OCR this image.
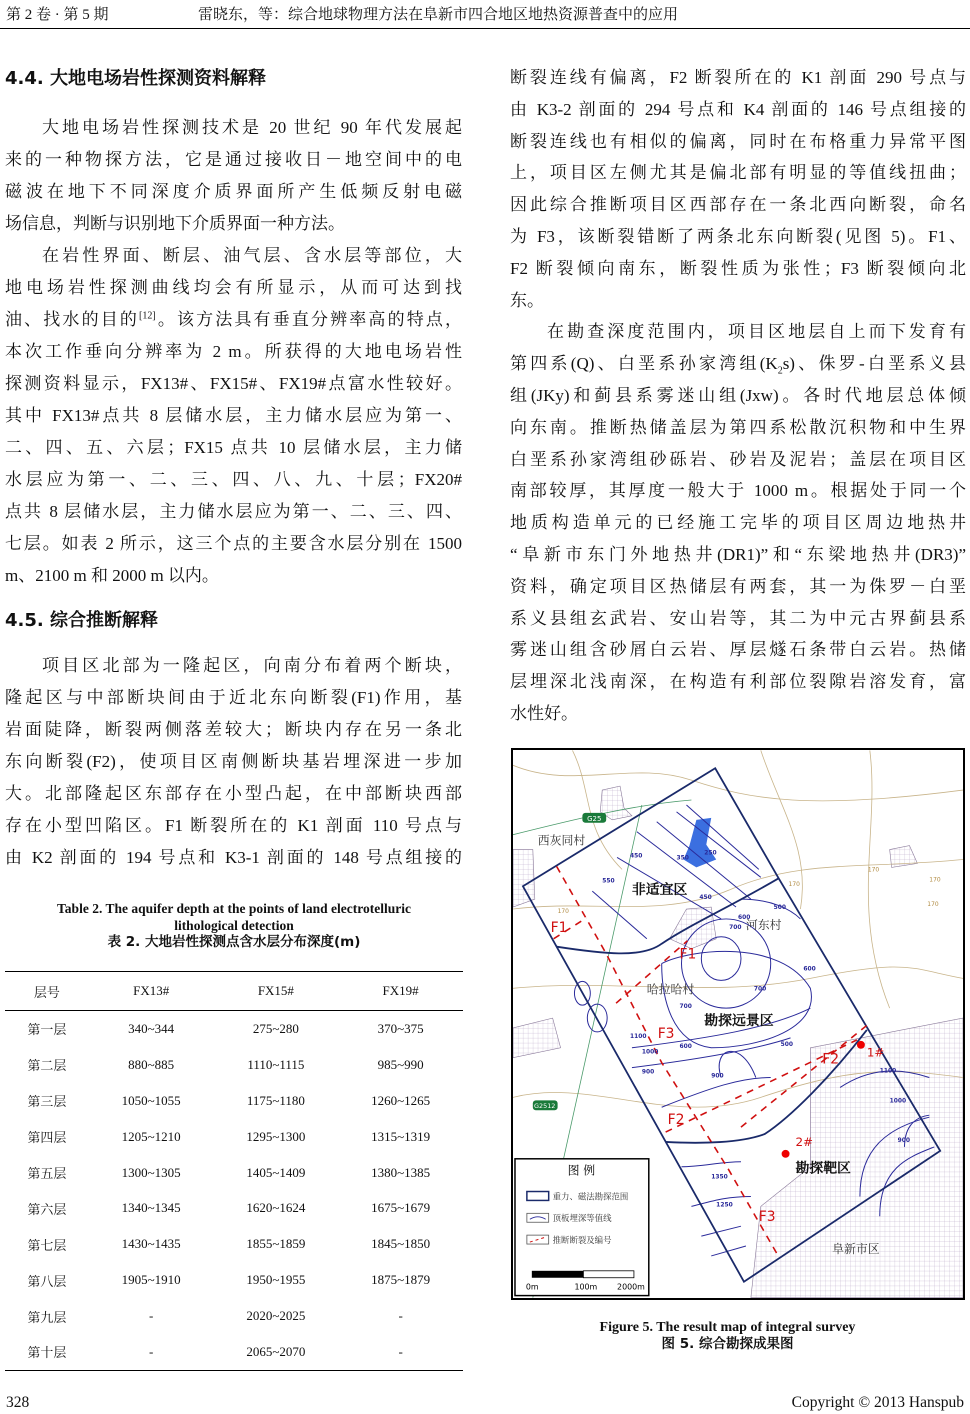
第 2 卷 · 第 5 期	雷晓东，等：综合地球物理方法在阜新市四合地区地热资源普查中的应用
4.4. 大地电场岩性探测资料解释
大地电场岩性探测技术是 20 世纪 90 年代发展起
来的一种物探方法，它是通过接收日－地空间中的电
磁波在地下不同深度介质界面所产生低频反射电磁
场信息，判断与识别地下介质界面一种方法。
在岩性界面、断层、油气层、含水层等部位，大
地电场岩性探测曲线均会有所显示，从而可达到找
油、找水的目的[12]。该方法具有垂直分辨率高的特点，
本次工作垂向分辨率为 2 m。所获得的大地电场岩性
探测资料显示，FX13#、FX15#、FX19#点富水性较好。
其中 FX13#点共 8 层储水层，主力储水层应为第一、
二、四、五、六层；FX15 点共 10 层储水层，主力储
水层应为第一、二、三、四、八、九、十层；FX20#
点共 8 层储水层，主力储水层应为第一、二、三、四、
七层。如表 2 所示，这三个点的主要含水层分别在 1500
m、2100 m 和 2000 m 以内。
4.5. 综合推断解释
项目区北部为一隆起区，向南分布着两个断块，
隆起区与中部断块间由于近北东向断裂(F1)作用，基
岩面陡降，断裂两侧落差较大；断块内存在另一条北
东向断裂(F2)，使项目区南侧断块基岩埋深进一步加
大。北部隆起区东部存在小型凸起，在中部断块西部
存在小型凹陷区。F1 断裂所在的 K1 剖面 110 号点与
由 K2 剖面的 194 号点和 K3-1 剖面的 148 号点组接的
Table 2. The aquifer depth at the points of land electrotelluric
lithological detection
表 2. 大地岩性探测点含水层分布深度(m)
层号	FX13#	FX15#	FX19#
第一层	340~344	275~280	370~375
第二层	880~885	1110~1115	985~990
第三层	1050~1055	1175~1180	1260~1265
第四层	1205~1210	1295~1300	1315~1319
第五层	1300~1305	1405~1409	1380~1385
第六层	1340~1345	1620~1624	1675~1679
第七层	1430~1435	1855~1859	1845~1850
第八层	1905~1910	1950~1955	1875~1879
第九层	-	2020~2025	-
第十层	-	2065~2070	-
断裂连线有偏离，F2 断裂所在的 K1 剖面 290 号点与
由 K3-2 剖面的 294 号点和 K4 剖面的 146 号点组接的
断裂连线也有相似的偏离，同时在布格重力异常平图
上，项目区左侧尤其是偏北部有明显的等值线扭曲；
因此综合推断项目区西部存在一条北西向断裂，命名
为 F3，该断裂错断了两条北东向断裂(见图 5)。F1、
F2 断裂倾向南东，断裂性质为张性；F3 断裂倾向北
东。
在勘查深度范围内，项目区地层自上而下发育有
第四系(Q)、白垩系孙家湾组$(K_2s)$、侏罗-白垩系义县
组(JKy)和蓟县系雾迷山组(Jxw)。各时代地层总体倾
向东南。推断热储盖层为第四系松散沉积物和中生界
白垩系孙家湾组砂砾岩、砂岩及泥岩；盖层在项目区
南部较厚，其厚度一般大于 1000 m。根据处于同一个
地质构造单元的已经施工完毕的项目区周边地热井
“阜新市东门外地热井(DR1)”和“东梁地热井(DR3)”
资料，确定项目区热储层有两套，其一为侏罗－白垩
系义县组玄武岩、安山岩等，其二为中元古界蓟县系
雾迷山组含砂屑白云岩、厚层燧石条带白云岩。热储
层埋深北浅南深，在构造有利部位裂隙岩溶发育，富
水性好。
450	350
250
550
450
500
600
700
600
700
700
1100
600
1000
900
500
900
1100
1000
900
1350
1250
170
170
170
170
170
西灰同村
G25
G2512
非适宜区
河东村
哈拉哈村
勘探远景区
勘探靶区
阜新市区
F1
F1
F3
F2
F2
F3
1#
2#
图 例
重力、磁法勘探范围
顶板埋深等值线
推断断裂及编号
0m	100m 2000m
Figure 5. The result map of integral survey
图 5. 综合勘探成果图
328	Copyright © 2013 Hanspub
